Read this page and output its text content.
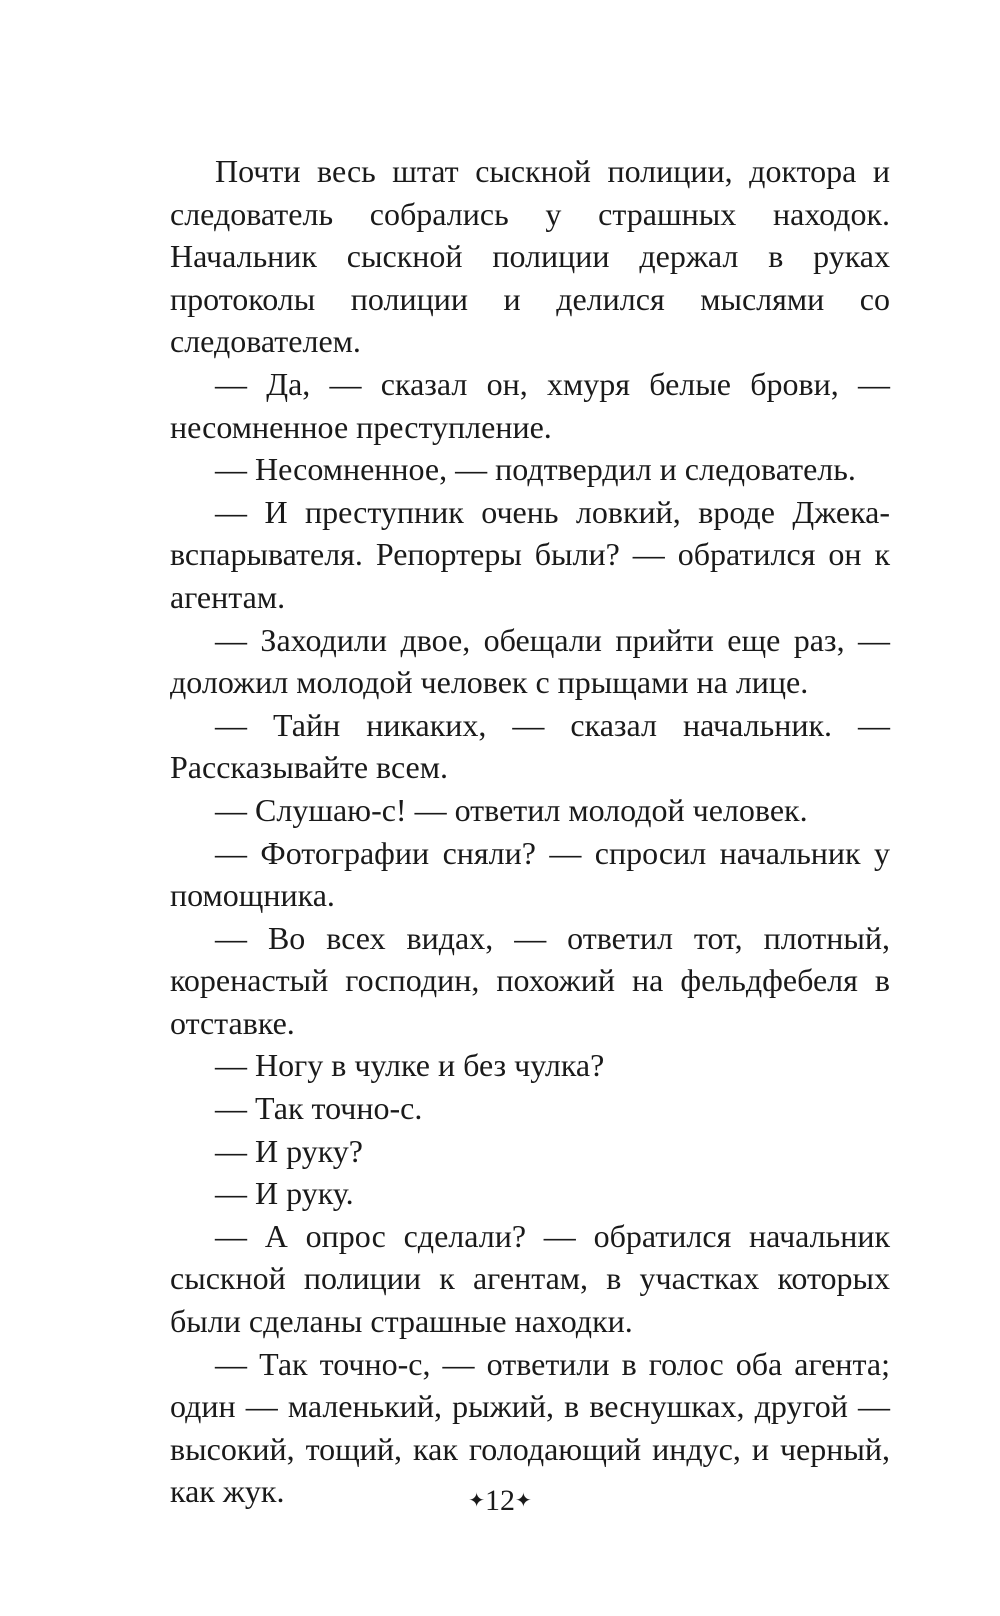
Почти весь штат сыскной полиции, доктора и следователь собрались у страшных находок. Начальник сыскной полиции держал в руках протоколы полиции и делился мыслями со следователем.

— Да, — сказал он, хмуря белые брови, — несомненное преступление.

— Несомненное, — подтвердил и следователь.

— И преступник очень ловкий, вроде Джека-вспарывателя. Репортеры были? — обратился он к агентам.

— Заходили двое, обещали прийти еще раз, — доложил молодой человек с прыщами на лице.

— Тайн никаких, — сказал начальник. — Рассказывайте всем.

— Слушаю-с! — ответил молодой человек.

— Фотографии сняли? — спросил начальник у помощника.

— Во всех видах, — ответил тот, плотный, коренастый господин, похожий на фельдфебеля в отставке.

— Ногу в чулке и без чулка?

— Так точно-с.

— И руку?

— И руку.

— А опрос сделали? — обратился начальник сыскной полиции к агентам, в участках которых были сделаны страшные находки.

— Так точно-с, — ответили в голос оба агента; один — маленький, рыжий, в веснушках, другой — высокий, тощий, как голодающий индус, и черный, как жук.	✦12✦
